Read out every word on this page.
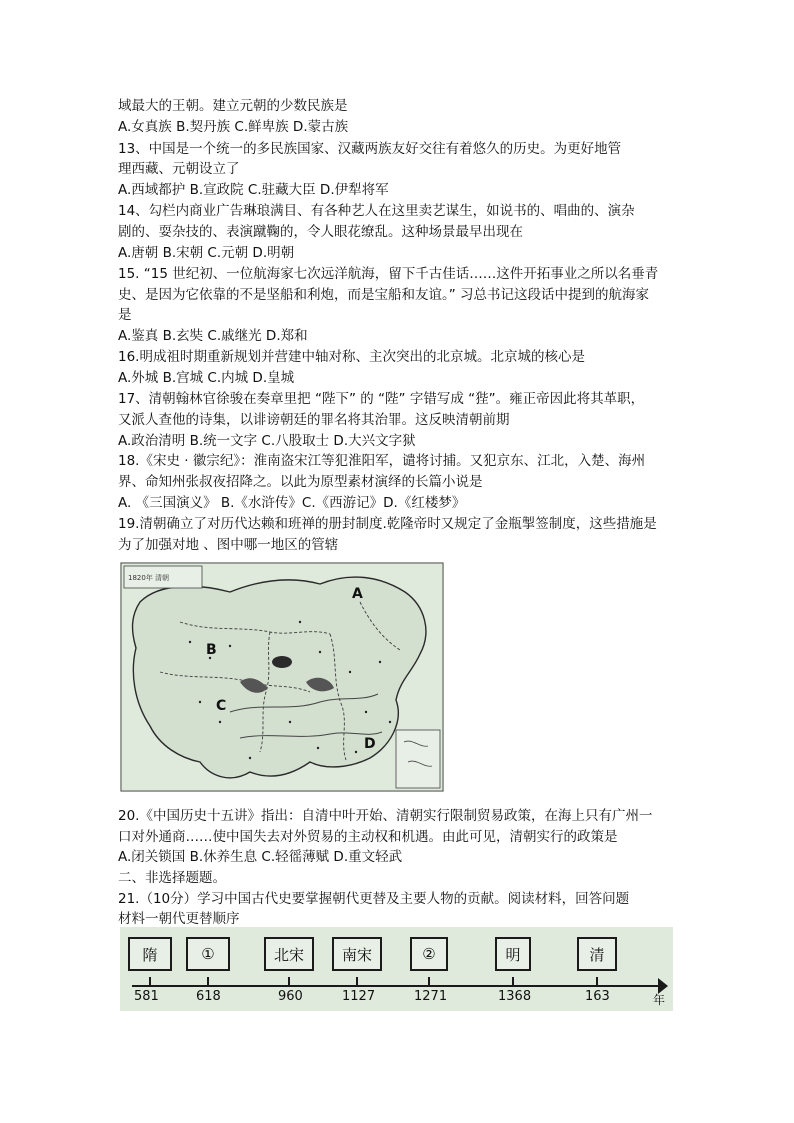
域最大的王朝。建立元朝的少数民族是
A.女真族 B.契丹族 C.鲜卑族 D.蒙古族
13、中国是一个统一的多民族国家、汉藏两族友好交往有着悠久的历史。为更好地管
理西藏、元朝设立了
A.西域都护 B.宣政院 C.驻藏大臣 D.伊犁将军
14、勾栏内商业广告琳琅满目、有各种艺人在这里卖艺谋生，如说书的、唱曲的、演杂
剧的、耍杂技的、表演蹴鞠的，令人眼花缭乱。这种场景最早出现在
A.唐朝 B.宋朝 C.元朝 D.明朝
15. “15 世纪初、一位航海家七次远洋航海，留下千古佳话……这件开拓事业之所以名垂青
史、是因为它依靠的不是坚船和利炮，而是宝船和友谊。” 习总书记这段话中提到的航海家
是
A.鉴真 B.玄奘 C.戚继光 D.郑和
16.明成祖时期重新规划并营建中轴对称、主次突出的北京城。北京城的核心是
A.外城 B.宫城 C.内城 D.皇城
17、清朝翰林官徐骏在奏章里把 “陛下” 的 “陛” 字错写成 “狴”。雍正帝因此将其革职，
又派人查他的诗集，以诽谤朝廷的罪名将其治罪。这反映清朝前期
A.政治清明 B.统一文字 C.八股取士 D.大兴文字狱
18.《宋史 · 徽宗纪》：淮南盗宋江等犯淮阳军，谴将讨捕。又犯京东、江北，入楚、海州
界、命知州张叔夜招降之。以此为原型素材演绎的长篇小说是
A. 《三国演义》 B.《水浒传》C.《西游记》D.《红楼梦》
19.清朝确立了对历代达赖和班禅的册封制度.乾隆帝时又规定了金瓶掣签制度，这些措施是
为了加强对地 、图中哪一地区的管辖
20.《中国历史十五讲》指出：自清中叶开始、清朝实行限制贸易政策，在海上只有广州一
口对外通商……使中国失去对外贸易的主动权和机遇。由此可见，清朝实行的政策是
A.闭关锁国 B.休养生息 C.轻徭薄赋 D.重文轻武
二、非选择题题。
21.（10分）学习中国古代史要掌握朝代更替及主要人物的贡献。阅读材料，回答问题
材料一朝代更替顺序
1820年 清朝
A
B
C
D
年
隋	①	北宋	南宋	②	明	清
581	618	960	1127	1271	1368	163
